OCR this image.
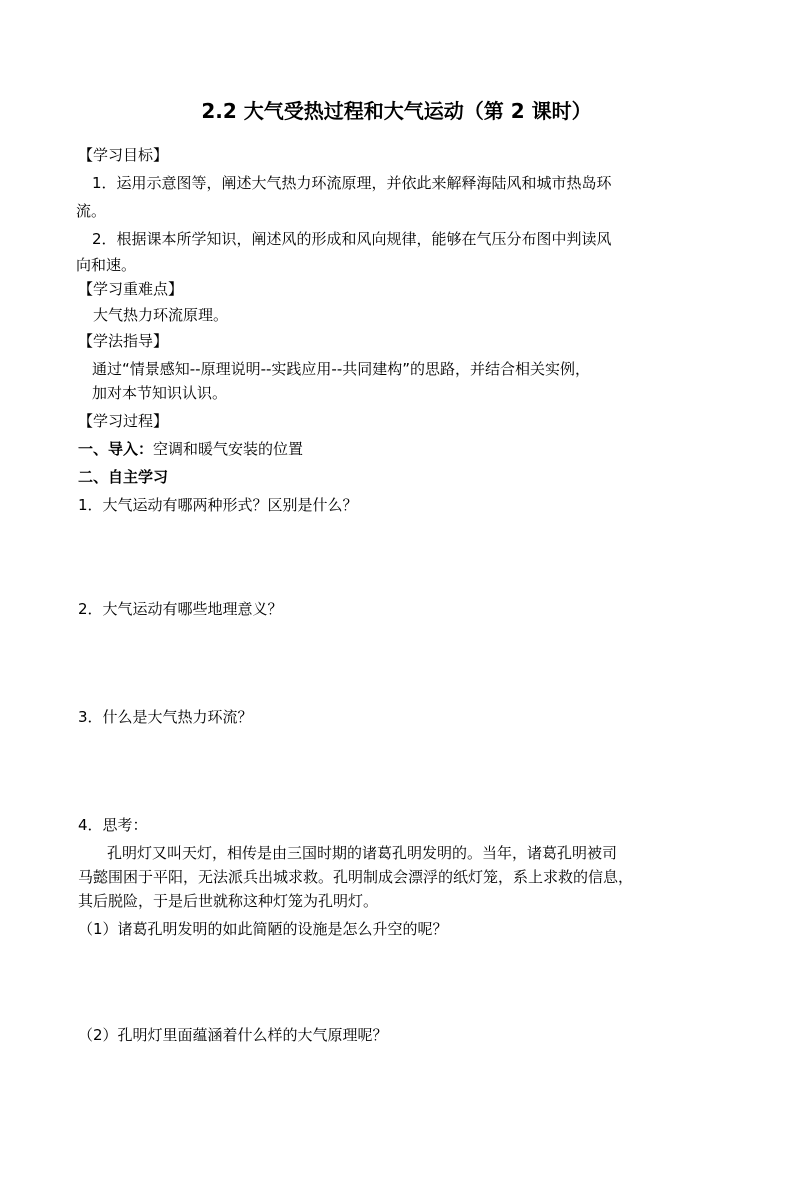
2.2 大气受热过程和大气运动（第 2 课时）
【学习目标】
1．运用示意图等，阐述大气热力环流原理，并依此来解释海陆风和城市热岛环
流。
2．根据课本所学知识，阐述风的形成和风向规律，能够在气压分布图中判读风
向和速。
【学习重难点】
大气热力环流原理。
【学法指导】
通过“情景感知--原理说明--实践应用--共同建构”的思路，并结合相关实例，
加对本节知识认识。
【学习过程】
一、导入：空调和暖气安装的位置
二、自主学习
1．大气运动有哪两种形式？区别是什么？
2．大气运动有哪些地理意义？
3．什么是大气热力环流？
4．思考：
孔明灯又叫天灯，相传是由三国时期的诸葛孔明发明的。当年，诸葛孔明被司
马懿围困于平阳，无法派兵出城求救。孔明制成会漂浮的纸灯笼，系上求救的信息，
其后脱险，于是后世就称这种灯笼为孔明灯。
（1）诸葛孔明发明的如此简陋的设施是怎么升空的呢？
（2）孔明灯里面蕴涵着什么样的大气原理呢？
